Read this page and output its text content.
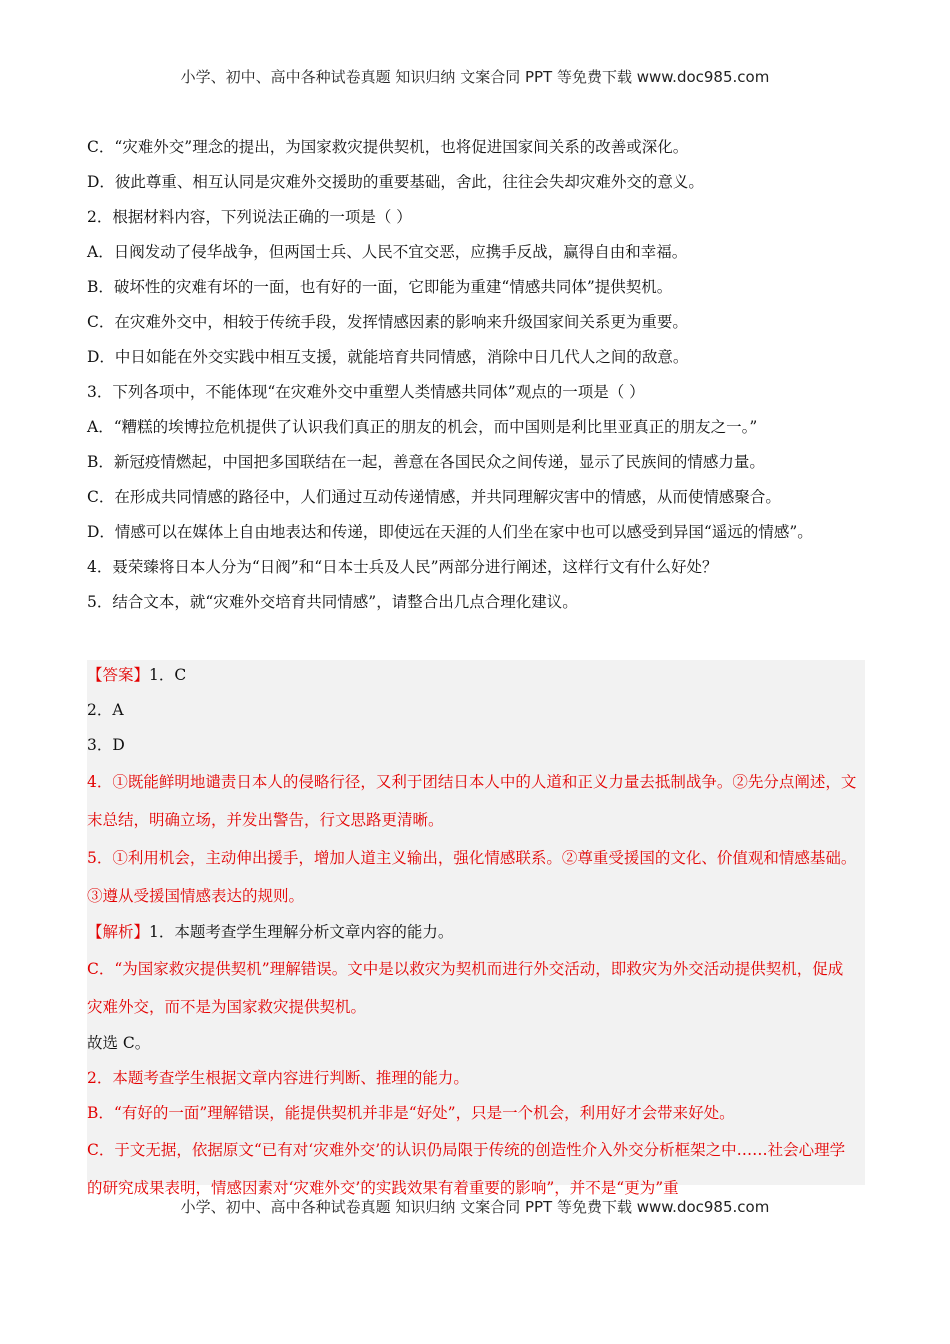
小学、初中、高中各种试卷真题 知识归纳 文案合同 PPT 等免费下载 www.doc985.com

C．“灾难外交”理念的提出，为国家救灾提供契机，也将促进国家间关系的改善或深化。

D．彼此尊重、相互认同是灾难外交援助的重要基础，舍此，往往会失却灾难外交的意义。

2．根据材料内容，下列说法正确的一项是（ ）

A．日阀发动了侵华战争，但两国士兵、人民不宜交恶，应携手反战，赢得自由和幸福。

B．破坏性的灾难有坏的一面，也有好的一面，它即能为重建“情感共同体”提供契机。

C．在灾难外交中，相较于传统手段，发挥情感因素的影响来升级国家间关系更为重要。

D．中日如能在外交实践中相互支援，就能培育共同情感，消除中日几代人之间的敌意。

3．下列各项中，不能体现“在灾难外交中重塑人类情感共同体”观点的一项是（ ）

A．“糟糕的埃博拉危机提供了认识我们真正的朋友的机会，而中国则是利比里亚真正的朋友之一。”

B．新冠疫情燃起，中国把多国联结在一起，善意在各国民众之间传递，显示了民族间的情感力量。

C．在形成共同情感的路径中，人们通过互动传递情感，并共同理解灾害中的情感，从而使情感聚合。

D．情感可以在媒体上自由地表达和传递，即使远在天涯的人们坐在家中也可以感受到异国“遥远的情感”。

4．聂荣臻将日本人分为“日阀”和“日本士兵及人民”两部分进行阐述，这样行文有什么好处？

5．结合文本，就“灾难外交培育共同情感”，请整合出几点合理化建议。

【答案】1．C

2．A

3．D

4．①既能鲜明地谴责日本人的侵略行径，又利于团结日本人中的人道和正义力量去抵制战争。②先分点阐述，文末总结，明确立场，并发出警告，行文思路更清晰。

5．①利用机会，主动伸出援手，增加人道主义输出，强化情感联系。②尊重受援国的文化、价值观和情感基础。③遵从受援国情感表达的规则。

【解析】1．本题考查学生理解分析文章内容的能力。

C．“为国家救灾提供契机”理解错误。文中是以救灾为契机而进行外交活动，即救灾为外交活动提供契机，促成灾难外交，而不是为国家救灾提供契机。

故选 C。

2．本题考查学生根据文章内容进行判断、推理的能力。

B．“有好的一面”理解错误，能提供契机并非是“好处”，只是一个机会，利用好才会带来好处。

C．于文无据，依据原文“已有对‘灾难外交’的认识仍局限于传统的创造性介入外交分析框架之中……社会心理学的研究成果表明，情感因素对‘灾难外交’的实践效果有着重要的影响”，并不是“更为”重

小学、初中、高中各种试卷真题 知识归纳 文案合同 PPT 等免费下载 www.doc985.com
